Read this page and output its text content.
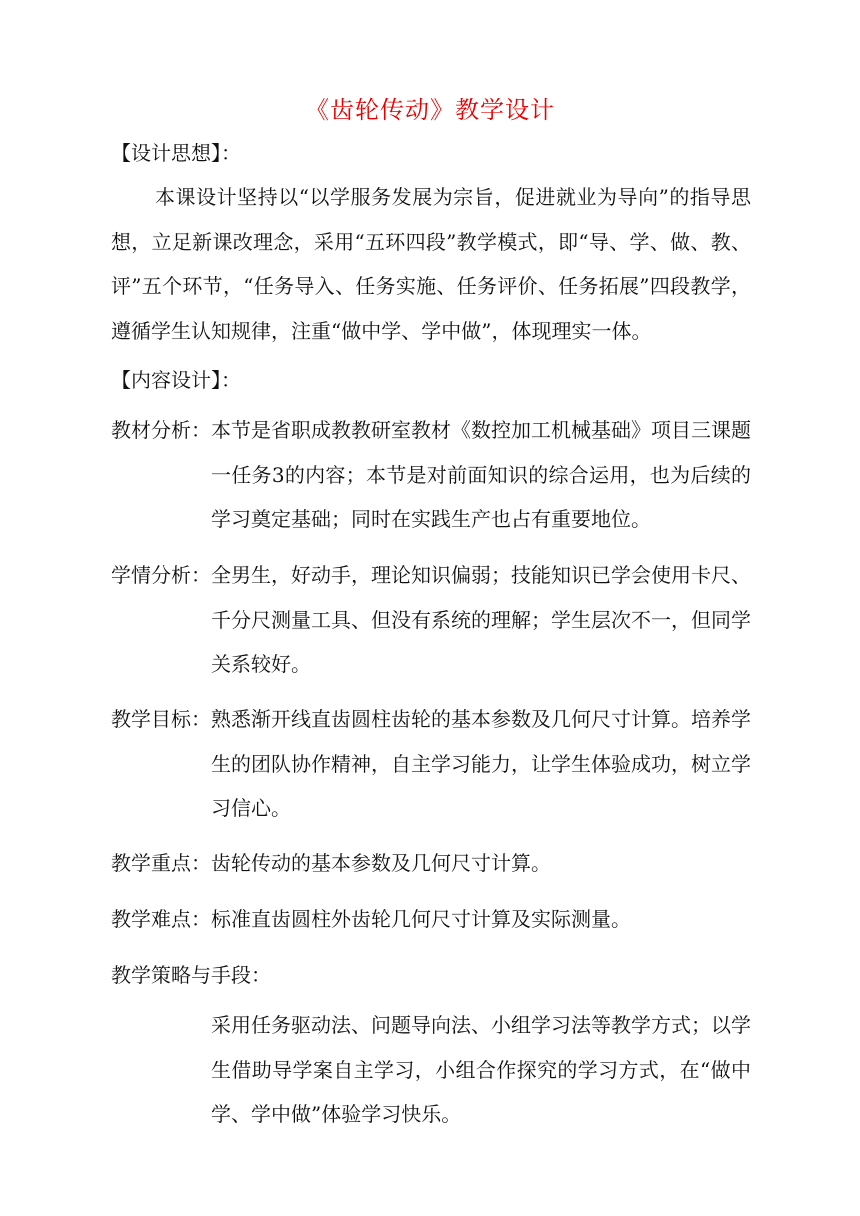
《齿轮传动》教学设计
【设计思想】：

本课设计坚持以“以学服务发展为宗旨，促进就业为导向”的指导思想，立足新课改理念，采用“五环四段”教学模式，即“导、学、做、教、评”五个环节，“任务导入、任务实施、任务评价、任务拓展”四段教学，遵循学生认知规律，注重“做中学、学中做”，体现理实一体。

【内容设计】：
教材分析： 本节是省职成教教研室教材《数控加工机械基础》项目三课题一任务3的内容；本节是对前面知识的综合运用，也为后续的学习奠定基础；同时在实践生产也占有重要地位。

学情分析： 全男生，好动手，理论知识偏弱；技能知识已学会使用卡尺、千分尺测量工具、但没有系统的理解；学生层次不一，但同学关系较好。

教学目标： 熟悉渐开线直齿圆柱齿轮的基本参数及几何尺寸计算。培养学生的团队协作精神，自主学习能力，让学生体验成功，树立学习信心。

教学重点： 齿轮传动的基本参数及几何尺寸计算。

教学难点： 标准直齿圆柱外齿轮几何尺寸计算及实际测量。

教学策略与手段：

采用任务驱动法、问题导向法、小组学习法等教学方式；以学生借助导学案自主学习，小组合作探究的学习方式，在“做中学、学中做”体验学习快乐。
